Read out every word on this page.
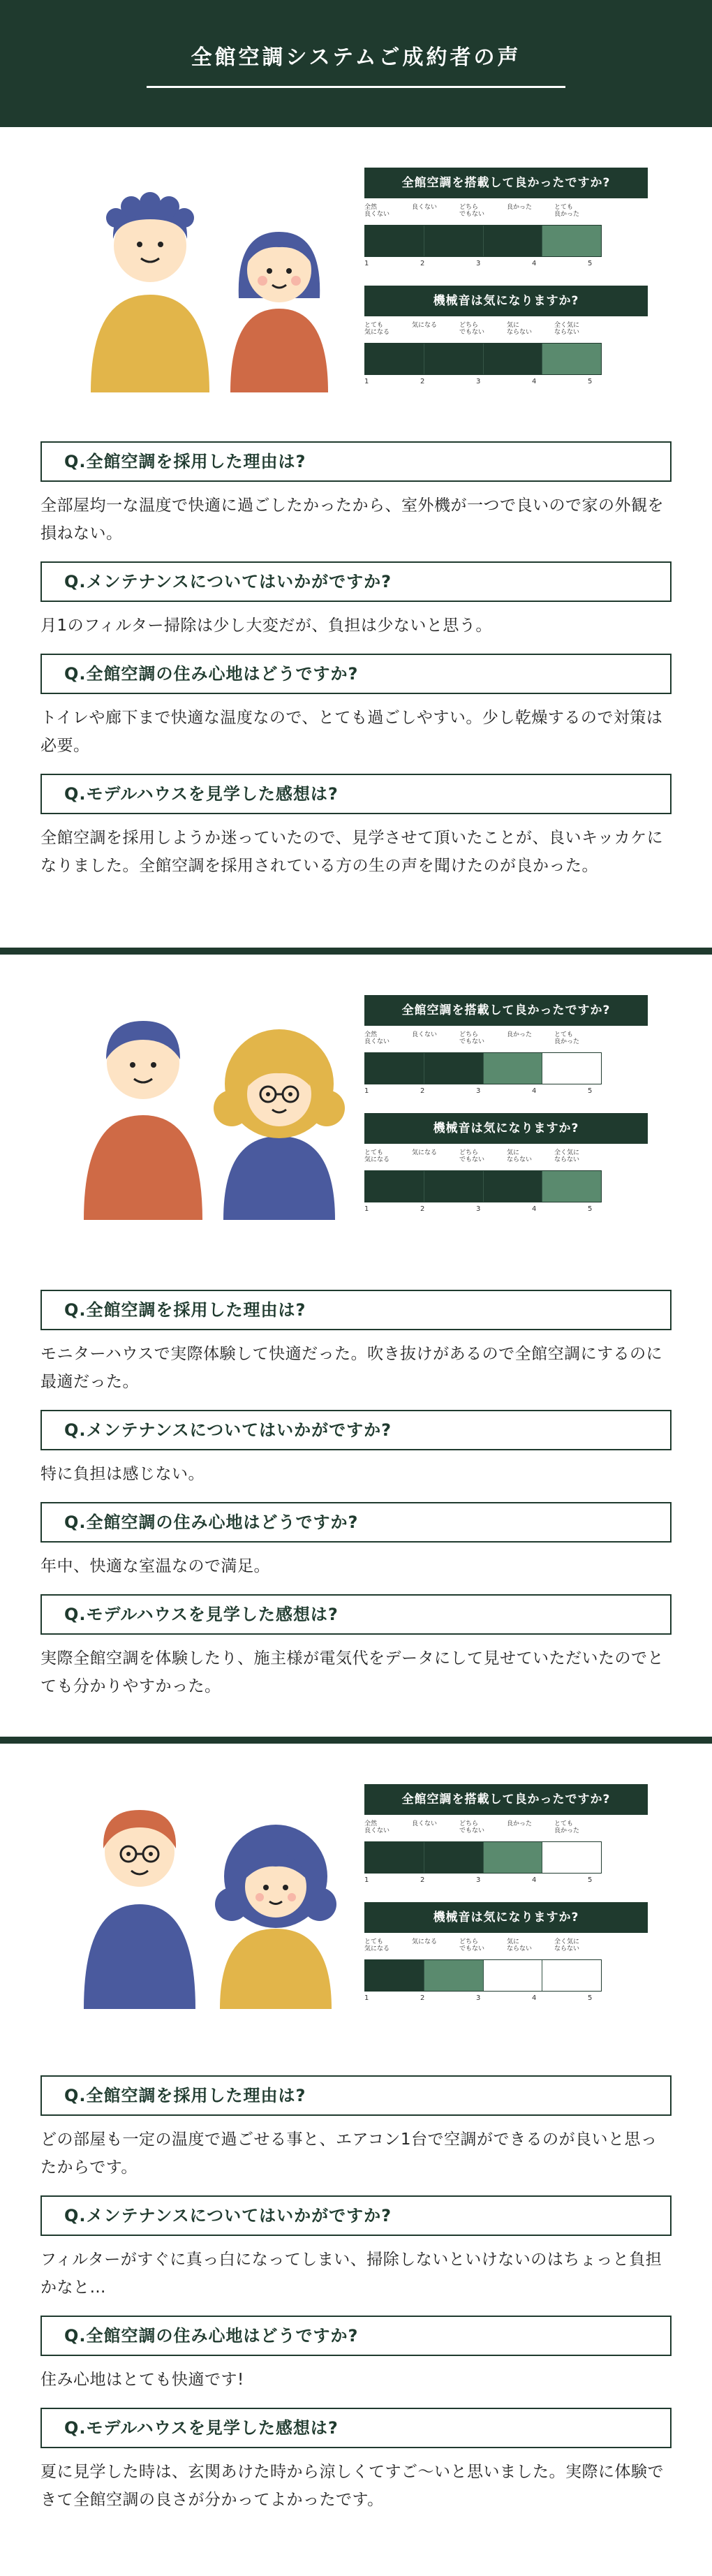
全館空調システムご成約者の声
全館空調を搭載して良かったですか?
全然
良くない
良くない	どちら
でもない
良かった	とても
良かった
1	2	3	4	5
機械音は気になりますか?
とても
気になる
気になる	どちら
でもない
気に
ならない
全く気に
ならない
1	2	3	4	5
Q.全館空調を採用した理由は?
全部屋均一な温度で快適に過ごしたかったから、室外機が一つで良いので家の外観を損ねない。
Q.メンテナンスについてはいかがですか?
月1のフィルター掃除は少し大変だが、負担は少ないと思う。
Q.全館空調の住み心地はどうですか?
トイレや廊下まで快適な温度なので、とても過ごしやすい。少し乾燥するので対策は必要。
Q.モデルハウスを見学した感想は?
全館空調を採用しようか迷っていたので、見学させて頂いたことが、良いキッカケになりました。全館空調を採用されている方の生の声を聞けたのが良かった。
全館空調を搭載して良かったですか?
全然
良くない
良くない	どちら
でもない
良かった	とても
良かった
1	2	3	4	5
機械音は気になりますか?
とても
気になる
気になる	どちら
でもない
気に
ならない
全く気に
ならない
1	2	3	4	5
Q.全館空調を採用した理由は?
モニターハウスで実際体験して快適だった。吹き抜けがあるので全館空調にするのに最適だった。
Q.メンテナンスについてはいかがですか?
特に負担は感じない。
Q.全館空調の住み心地はどうですか?
年中、快適な室温なので満足。
Q.モデルハウスを見学した感想は?
実際全館空調を体験したり、施主様が電気代をデータにして見せていただいたのでとても分かりやすかった。
全館空調を搭載して良かったですか?
全然
良くない
良くない	どちら
でもない
良かった	とても
良かった
1	2	3	4	5
機械音は気になりますか?
とても
気になる
気になる	どちら
でもない
気に
ならない
全く気に
ならない
1	2	3	4	5
Q.全館空調を採用した理由は?
どの部屋も一定の温度で過ごせる事と、エアコン1台で空調ができるのが良いと思ったからです。
Q.メンテナンスについてはいかがですか?
フィルターがすぐに真っ白になってしまい、掃除しないといけないのはちょっと負担かなと…
Q.全館空調の住み心地はどうですか?
住み心地はとても快適です!
Q.モデルハウスを見学した感想は?
夏に見学した時は、玄関あけた時から涼しくてすご〜いと思いました。実際に体験できて全館空調の良さが分かってよかったです。
